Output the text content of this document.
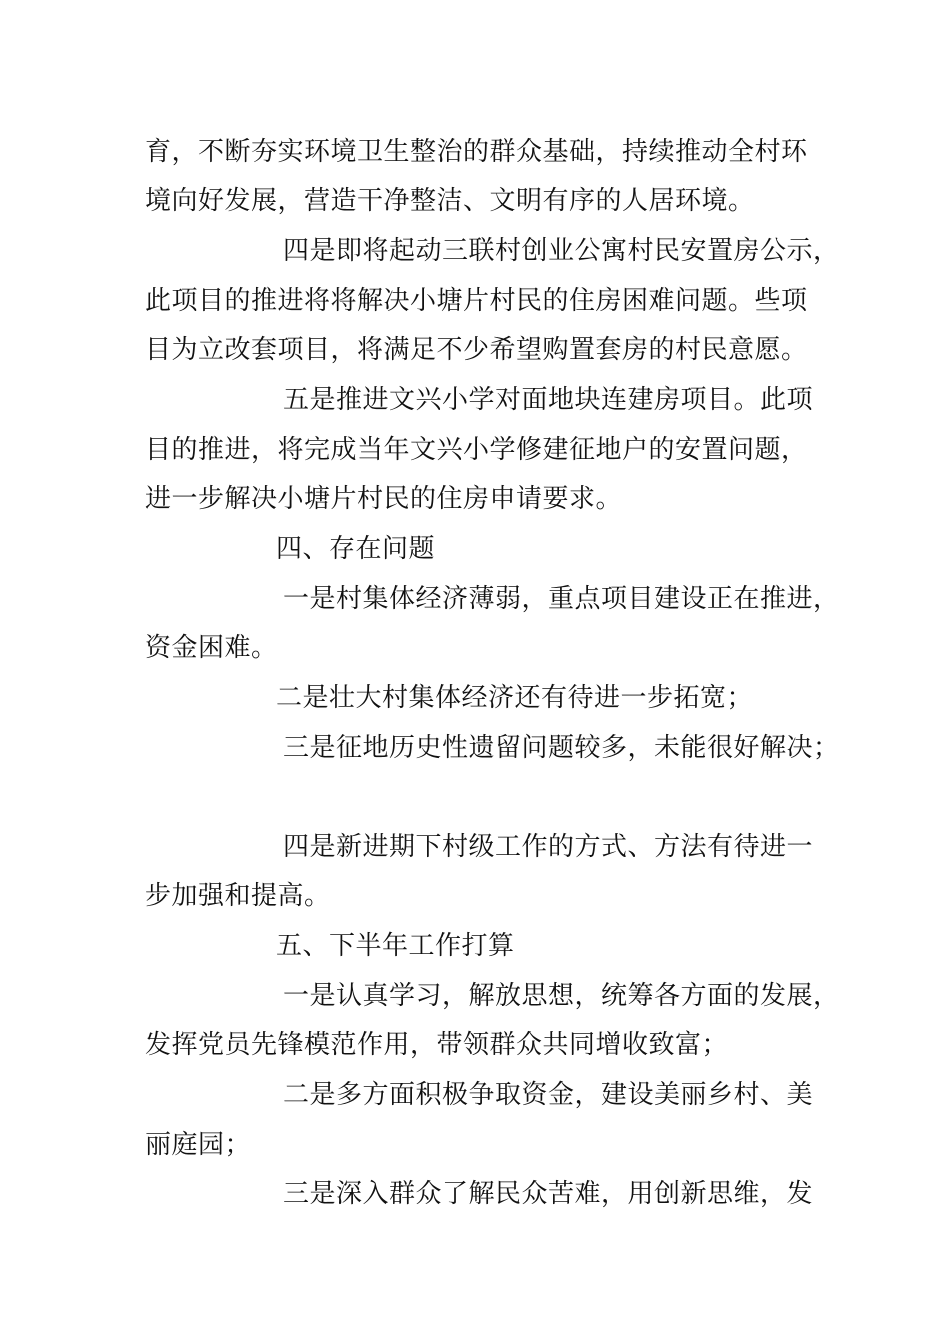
育，不断夯实环境卫生整治的群众基础，持续推动全村环

境向好发展，营造干净整洁、文明有序的人居环境。

四是即将起动三联村创业公寓村民安置房公示，

此项目的推进将将解决小塘片村民的住房困难问题。些项

目为立改套项目，将满足不少希望购置套房的村民意愿。

五是推进文兴小学对面地块连建房项目。此项

目的推进，将完成当年文兴小学修建征地户的安置问题，

进一步解决小塘片村民的住房申请要求。

四、存在问题

一是村集体经济薄弱，重点项目建设正在推进，

资金困难。

二是壮大村集体经济还有待进一步拓宽；

三是征地历史性遗留问题较多，未能很好解决；

四是新进期下村级工作的方式、方法有待进一

步加强和提高。

五、下半年工作打算

一是认真学习，解放思想，统筹各方面的发展，

发挥党员先锋模范作用，带领群众共同增收致富；

二是多方面积极争取资金，建设美丽乡村、美

丽庭园；

三是深入群众了解民众苦难，用创新思维，发
